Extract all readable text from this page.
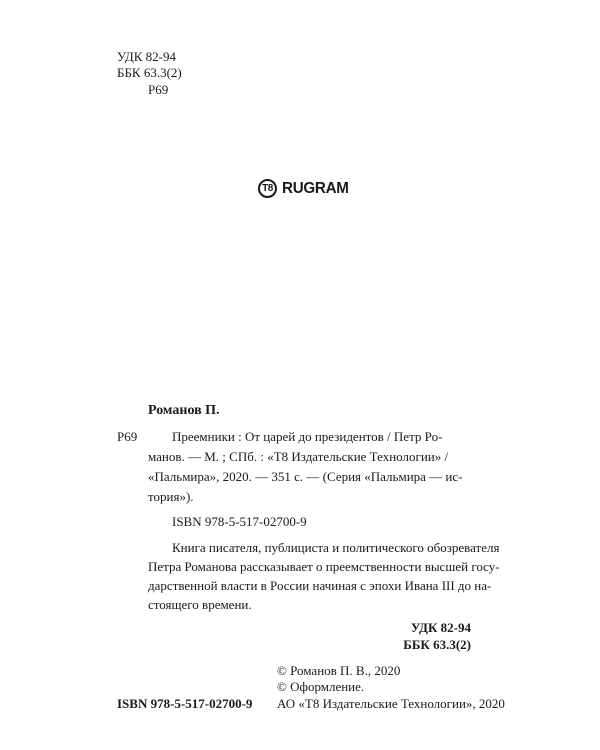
УДК 82-94
ББК 63.3(2)
Р69
T8 RUGRAM
Романов П.
Р69	Преемники : От царей до президентов / Петр Ро-
манов. — М. ; СПб. : «Т8 Издательские Технологии» /
«Пальмира», 2020. — 351 с. — (Серия «Пальмира — ис-
тория»).
ISBN 978-5-517-02700-9
Книга писателя, публициста и политического обозревателя
Петра Романова рассказывает о преемственности высшей госу-
дарственной власти в России начиная с эпохи Ивана III до на-
стоящего времени.
УДК 82-94
ББК 63.3(2)
© Романов П. В., 2020
© Оформление.
ISBN 978-5-517-02700-9 АО «Т8 Издательские Технологии», 2020
